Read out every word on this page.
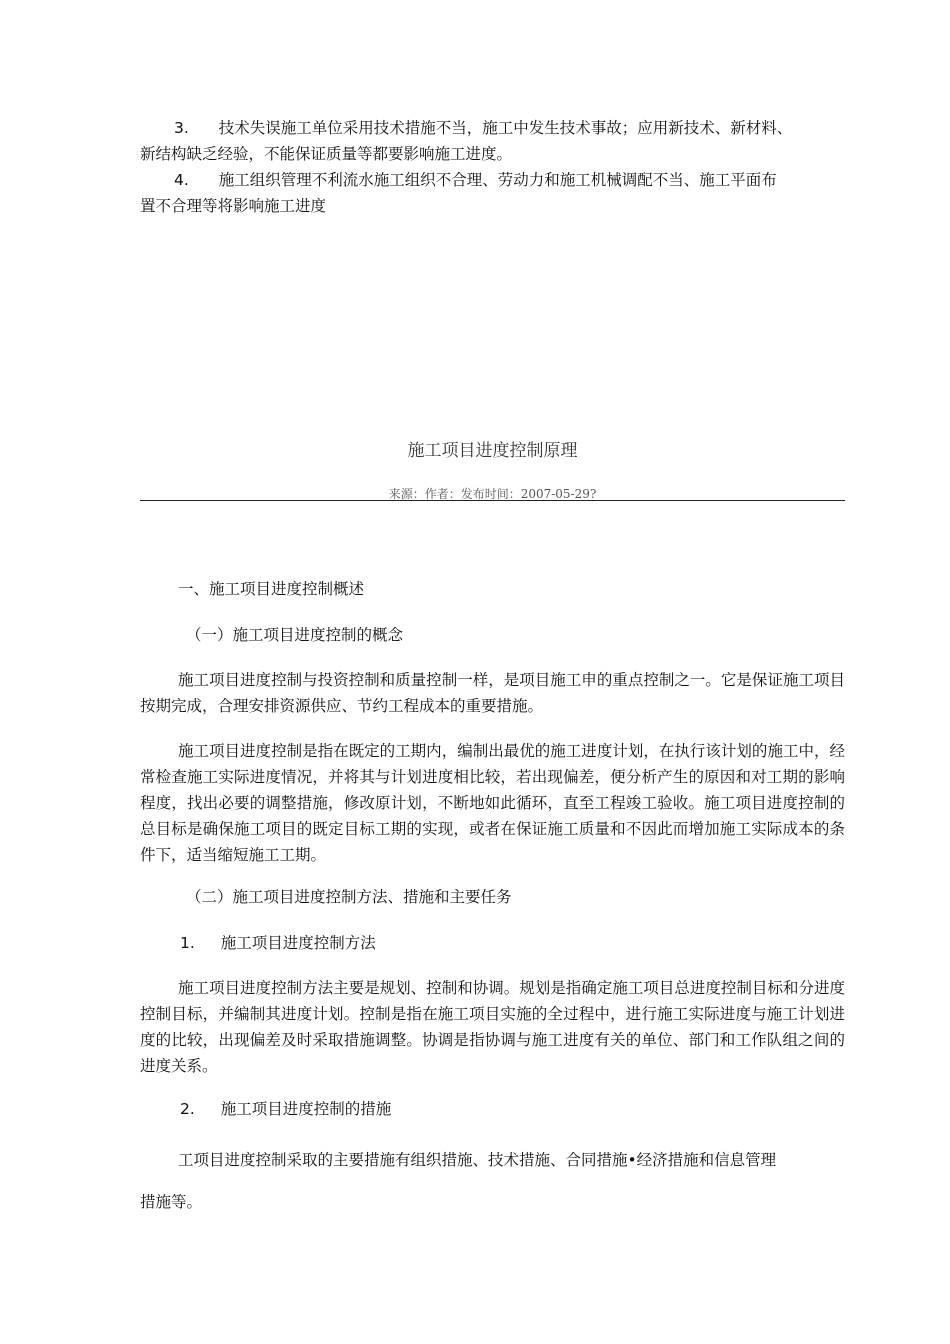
3. 技术失误施工单位采用技术措施不当，施工中发生技术事故；应用新技术、新材料、
新结构缺乏经验，不能保证质量等都要影响施工进度。

4. 施工组织管理不利流水施工组织不合理、劳动力和施工机械调配不当、施工平面布
置不合理等将影响施工进度

施工项目进度控制原理
来源：作者：发布时间：2007-05-29?

一、施工项目进度控制概述

（一）施工项目进度控制的概念

施工项目进度控制与投资控制和质量控制一样，是项目施工申的重点控制之一。它是保证施工项目按期完成，合理安排资源供应、节约工程成本的重要措施。

施工项目进度控制是指在既定的工期内，编制出最优的施工进度计划，在执行该计划的施工中，经常检查施工实际进度情况，并将其与计划进度相比较，若出现偏差，便分析产生的原因和对工期的影响程度，找出必要的调整措施，修改原计划，不断地如此循环，直至工程竣工验收。施工项目进度控制的总目标是确保施工项目的既定目标工期的实现，或者在保证施工质量和不因此而增加施工实际成本的条件下，适当缩短施工工期。

（二）施工项目进度控制方法、措施和主要任务

1. 施工项目进度控制方法

施工项目进度控制方法主要是规划、控制和协调。规划是指确定施工项目总进度控制目标和分进度控制目标，并编制其进度计划。控制是指在施工项目实施的全过程中，进行施工实际进度与施工计划进度的比较，出现偏差及时采取措施调整。协调是指协调与施工进度有关的单位、部门和工作队组之间的进度关系。

2. 施工项目进度控制的措施

工项目进度控制采取的主要措施有组织措施、技术措施、合同措施•经济措施和信息管理

措施等。
